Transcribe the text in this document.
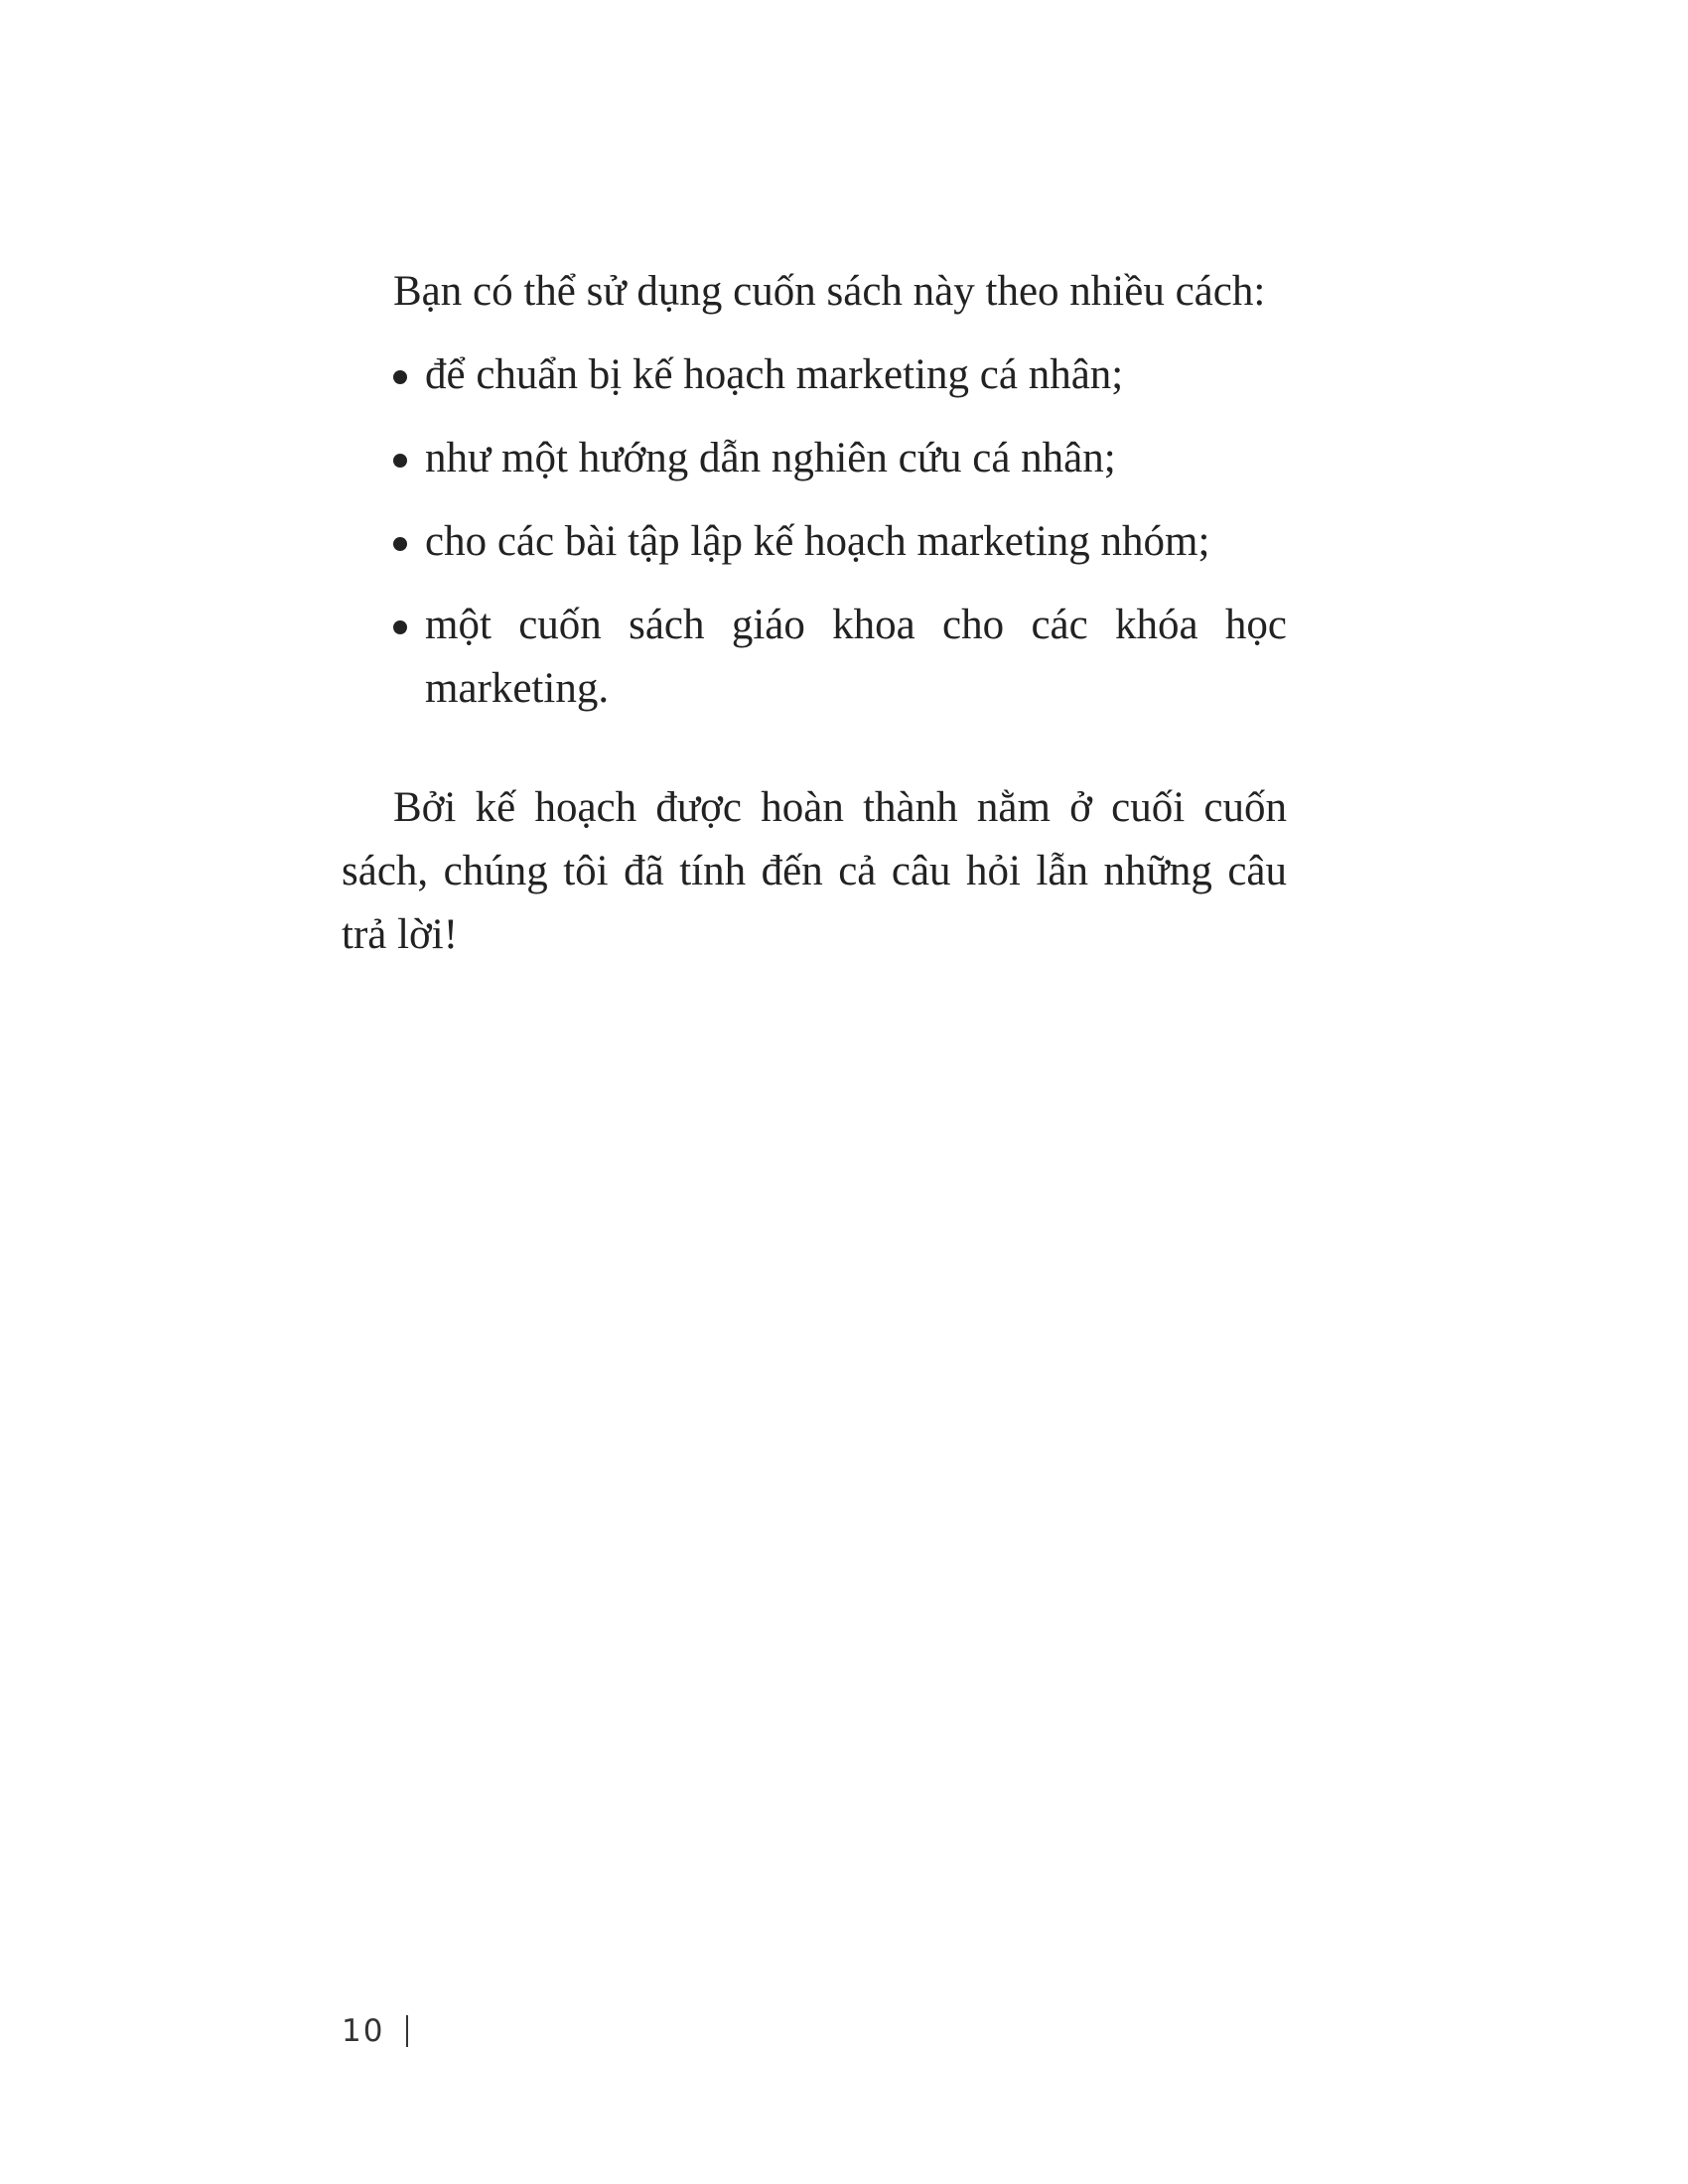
Bạn có thể sử dụng cuốn sách này theo nhiều cách:

để chuẩn bị kế hoạch marketing cá nhân;
như một hướng dẫn nghiên cứu cá nhân;
cho các bài tập lập kế hoạch marketing nhóm;
một cuốn sách giáo khoa cho các khóa học marketing.

Bởi kế hoạch được hoàn thành nằm ở cuối cuốn sách, chúng tôi đã tính đến cả câu hỏi lẫn những câu trả lời!

10
